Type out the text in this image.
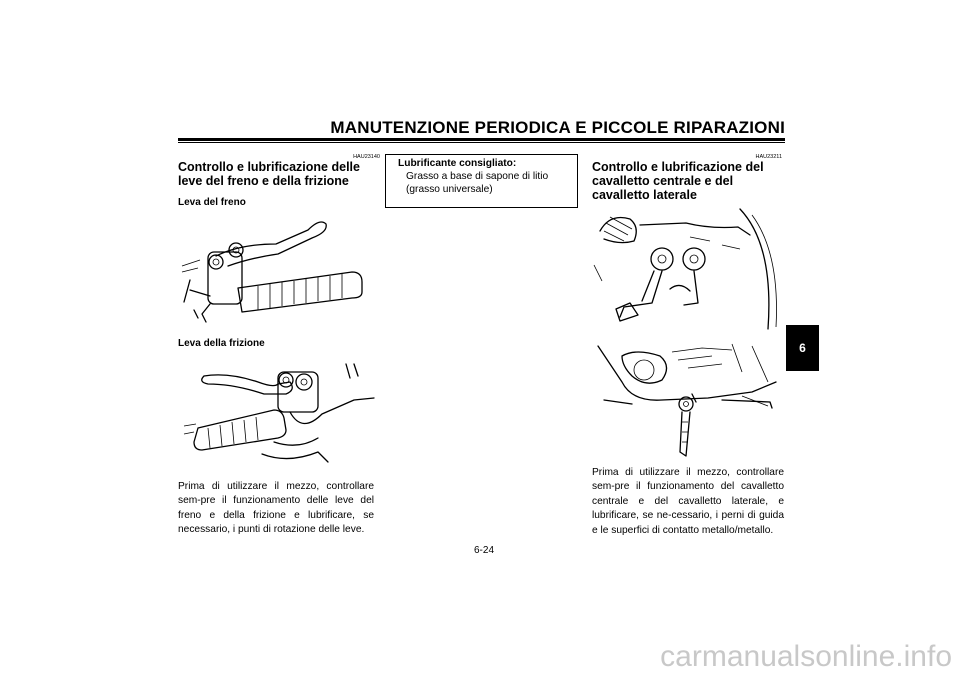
MANUTENZIONE PERIODICA E PICCOLE RIPARAZIONI
HAU23140
Controllo e lubrificazione delle leve del freno e della frizione
Leva del freno
Leva della frizione
Prima di utilizzare il mezzo, controllare sem-pre il funzionamento delle leve del freno e della frizione e lubrificare, se necessario, i punti di rotazione delle leve.
Lubrificante consigliato:
Grasso a base di sapone di litio
(grasso universale)
HAU23211
Controllo e lubrificazione del cavalletto centrale e del cavalletto laterale
Prima di utilizzare il mezzo, controllare sem-pre il funzionamento del cavalletto centrale e del cavalletto laterale, e lubrificare, se ne-cessario, i perni di guida e le superfici di contatto metallo/metallo.
6
6-24
carmanualsonline.info
